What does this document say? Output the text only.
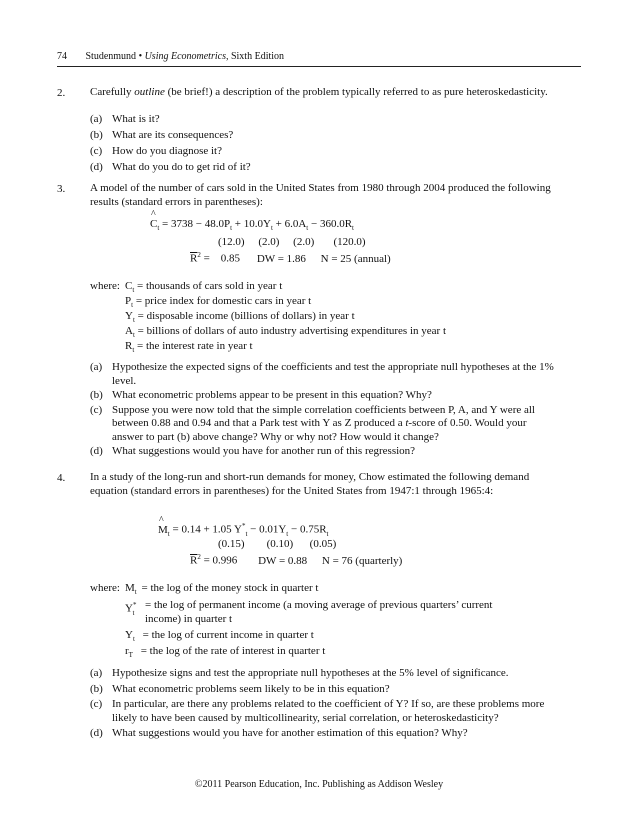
74 Studenmund • Using Econometrics, Sixth Edition
2. Carefully outline (be brief!) a description of the problem typically referred to as pure heteroskedasticity.
(a) What is it?
(b) What are its consequences?
(c) How do you diagnose it?
(d) What do you do to get rid of it?
3. A model of the number of cars sold in the United States from 1980 through 2004 produced the following results (standard errors in parentheses):
^ $C_t = 3738 - 48.0P_t + 10.0Y_t + 6.0A_t - 360.0R_t$
(12.0)     (2.0)     (2.0)       (120.0)
$\overline{R}^2$ =    0.85 DW = 1.86 N = 25 (annual)
where: $C_t$ = thousands of cars sold in year t
$P_t$ = price index for domestic cars in year t
$Y_t$ = disposable income (billions of dollars) in year t
$A_t$ = billions of dollars of auto industry advertising expenditures in year t
$R_t$ = the interest rate in year t
(a) Hypothesize the expected signs of the coefficients and test the appropriate null hypotheses at the 1% level.
(b) What econometric problems appear to be present in this equation? Why?
(c) Suppose you were now told that the simple correlation coefficients between P, A, and Y were all between 0.88 and 0.94 and that a Park test with Y as Z produced a t-score of 0.50. Would your answer to part (b) above change? Why or why not? How would it change?
(d) What suggestions would you have for another run of this regression?
4. In a study of the long-run and short-run demands for money, Chow estimated the following demand equation (standard errors in parentheses) for the United States from 1947:1 through 1965:4:
^ $M_t = 0.14 + 1.05$ $Y^*_t - 0.01Y_t - 0.75R_t$
(0.15)        (0.10)      (0.05)
$\overline{R}^2 = 0.996$ DW = 0.88 N = 76 (quarterly)
where: $M_t$ = the log of the money stock in quarter t
$Y^*_t$
= the log of permanent income (a moving average of previous quarters’ current income) in quarter t
$Y_t$ = the log of current income in quarter t
$r_T$ = the log of the rate of interest in quarter t
(a) Hypothesize signs and test the appropriate null hypotheses at the 5% level of significance.
(b) What econometric problems seem likely to be in this equation?
(c) In particular, are there any problems related to the coefficient of Y? If so, are these problems more likely to have been caused by multicollinearity, serial correlation, or heteroskedasticity?
(d) What suggestions would you have for another estimation of this equation? Why?
©2011 Pearson Education, Inc. Publishing as Addison Wesley
